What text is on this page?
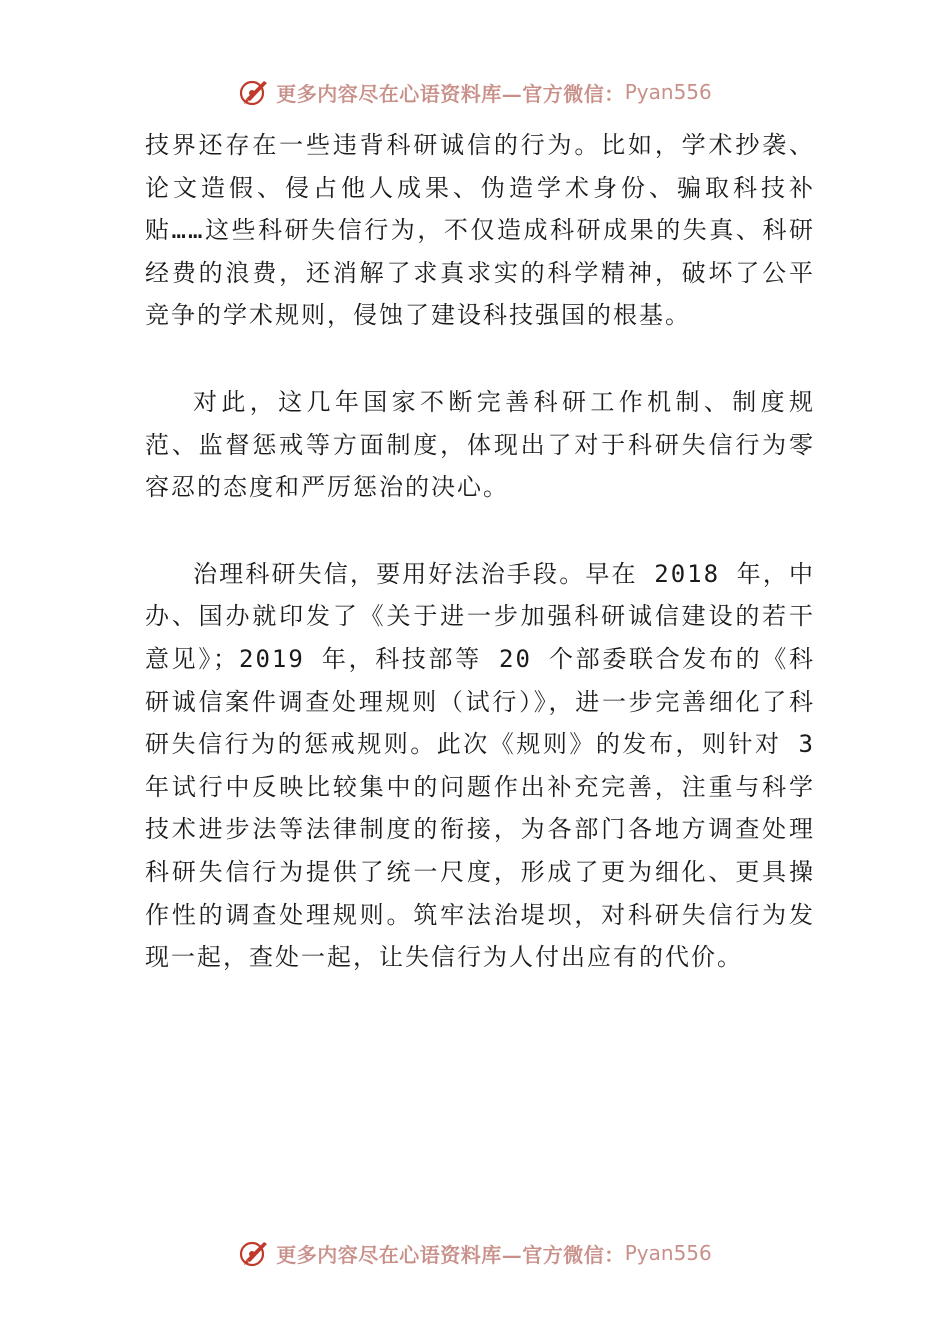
更多内容尽在心语资料库—官方微信： Pyan556

技界还存在一些违背科研诚信的行为。比如，学术抄袭、论文造假、侵占他人成果、伪造学术身份、骗取科技补贴……这些科研失信行为，不仅造成科研成果的失真、科研经费的浪费，还消解了求真求实的科学精神，破坏了公平竞争的学术规则，侵蚀了建设科技强国的根基。

对此，这几年国家不断完善科研工作机制、制度规范、监督惩戒等方面制度，体现出了对于科研失信行为零容忍的态度和严厉惩治的决心。

治理科研失信，要用好法治手段。早在 2018 年，中办、国办就印发了《关于进一步加强科研诚信建设的若干意见》；2019 年，科技部等 20 个部委联合发布的《科研诚信案件调查处理规则（试行）》，进一步完善细化了科研失信行为的惩戒规则。此次《规则》的发布，则针对 3 年试行中反映比较集中的问题作出补充完善，注重与科学技术进步法等法律制度的衔接，为各部门各地方调查处理科研失信行为提供了统一尺度，形成了更为细化、更具操作性的调查处理规则。筑牢法治堤坝，对科研失信行为发现一起，查处一起，让失信行为人付出应有的代价。

更多内容尽在心语资料库—官方微信： Pyan556
